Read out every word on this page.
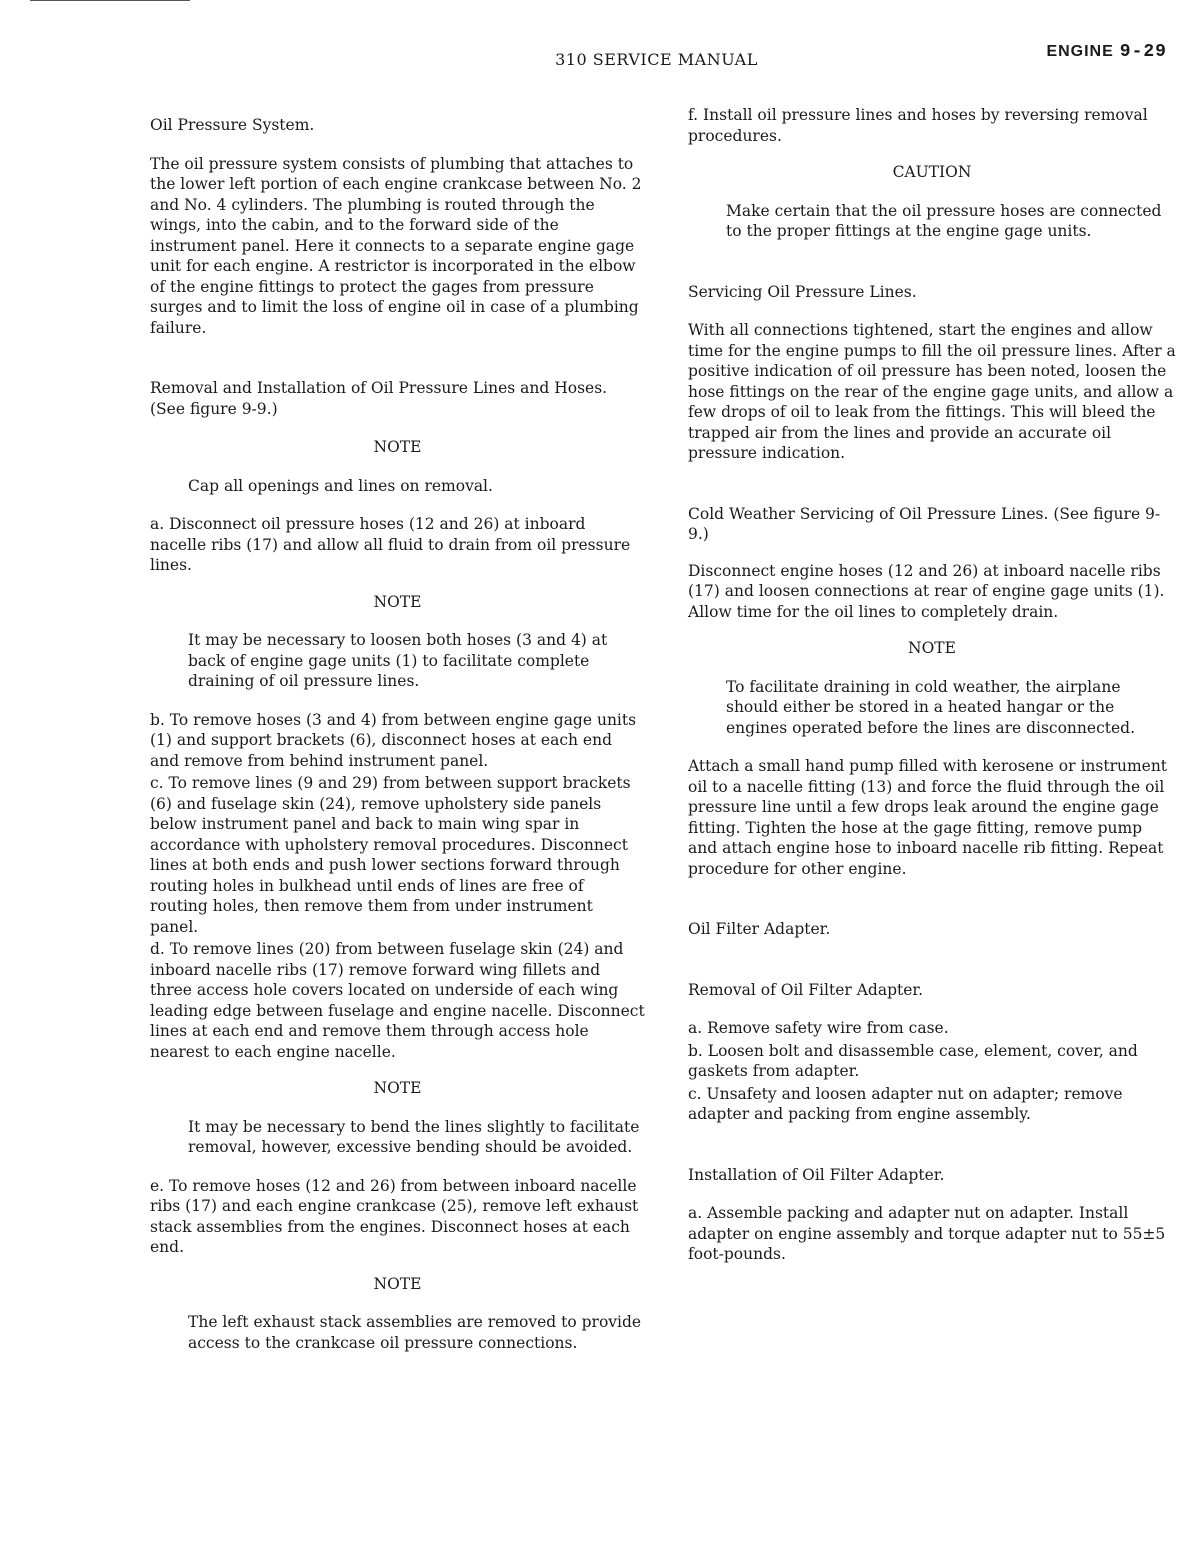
310 SERVICE MANUAL	ENGINE 9-29

Oil Pressure System.

The oil pressure system consists of plumbing that attaches to the lower left portion of each engine crankcase between No. 2 and No. 4 cylinders. The plumbing is routed through the wings, into the cabin, and to the forward side of the instrument panel. Here it connects to a separate engine gage unit for each engine. A restrictor is incorporated in the elbow of the engine fittings to protect the gages from pressure surges and to limit the loss of engine oil in case of a plumbing failure.

Removal and Installation of Oil Pressure Lines and Hoses. (See figure 9-9.)

NOTE

Cap all openings and lines on removal.

a. Disconnect oil pressure hoses (12 and 26) at inboard nacelle ribs (17) and allow all fluid to drain from oil pressure lines.

NOTE

It may be necessary to loosen both hoses (3 and 4) at back of engine gage units (1) to facilitate complete draining of oil pressure lines.

b. To remove hoses (3 and 4) from between engine gage units (1) and support brackets (6), disconnect hoses at each end and remove from behind instrument panel.

c. To remove lines (9 and 29) from between support brackets (6) and fuselage skin (24), remove upholstery side panels below instrument panel and back to main wing spar in accordance with upholstery removal procedures. Disconnect lines at both ends and push lower sections forward through routing holes in bulkhead until ends of lines are free of routing holes, then remove them from under instrument panel.

d. To remove lines (20) from between fuselage skin (24) and inboard nacelle ribs (17) remove forward wing fillets and three access hole covers located on underside of each wing leading edge between fuselage and engine nacelle. Disconnect lines at each end and remove them through access hole nearest to each engine nacelle.

NOTE

It may be necessary to bend the lines slightly to facilitate removal, however, excessive bending should be avoided.

e. To remove hoses (12 and 26) from between inboard nacelle ribs (17) and each engine crankcase (25), remove left exhaust stack assemblies from the engines. Disconnect hoses at each end.

NOTE

The left exhaust stack assemblies are removed to provide access to the crankcase oil pressure connections.

f. Install oil pressure lines and hoses by reversing removal procedures.

CAUTION

Make certain that the oil pressure hoses are connected to the proper fittings at the engine gage units.

Servicing Oil Pressure Lines.

With all connections tightened, start the engines and allow time for the engine pumps to fill the oil pressure lines. After a positive indication of oil pressure has been noted, loosen the hose fittings on the rear of the engine gage units, and allow a few drops of oil to leak from the fittings. This will bleed the trapped air from the lines and provide an accurate oil pressure indication.

Cold Weather Servicing of Oil Pressure Lines. (See figure 9-9.)

Disconnect engine hoses (12 and 26) at inboard nacelle ribs (17) and loosen connections at rear of engine gage units (1). Allow time for the oil lines to completely drain.

NOTE

To facilitate draining in cold weather, the airplane should either be stored in a heated hangar or the engines operated before the lines are disconnected.

Attach a small hand pump filled with kerosene or instrument oil to a nacelle fitting (13) and force the fluid through the oil pressure line until a few drops leak around the engine gage fitting. Tighten the hose at the gage fitting, remove pump and attach engine hose to inboard nacelle rib fitting. Repeat procedure for other engine.

Oil Filter Adapter.

Removal of Oil Filter Adapter.

a. Remove safety wire from case.

b. Loosen bolt and disassemble case, element, cover, and gaskets from adapter.

c. Unsafety and loosen adapter nut on adapter; remove adapter and packing from engine assembly.

Installation of Oil Filter Adapter.

a. Assemble packing and adapter nut on adapter. Install adapter on engine assembly and torque adapter nut to 55±5 foot-pounds.
